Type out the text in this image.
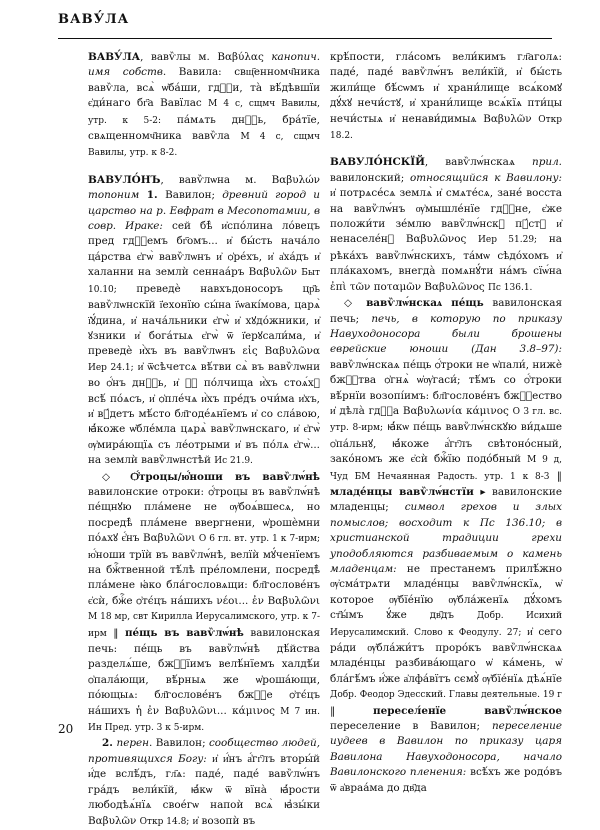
ВАВУ́ЛА

ВАВУ́ЛА, вавѷлы м. Βαβύλας каноnич. имя собств. Вавила: свщ҃енномч҃ника вавѷла, всѧ̀ ѡ҆ба́ши, гдⷭ҇и, та̀ вѣ́дѣвшїи є҆ди́наго бг҃а Вавїлас М 4 с, сщмч Вавилы, утр. к 5-2: па́мѧть днⷭ҇ь, бра́тїе, свѧщенномч҃ника вавѷла М 4 с, сщмч Вавилы, утр. к 8-2.

ВАВУЛО́НЪ, вавѷлѡна м. Βαβυλών топоним 1. Вавилон; древний город и царство на р. Евфрат в Месопотамии, в совр. Ираке: сей бѣ̀ и҆спо́лина ло́вецъ пред гдⷭ҇емъ бг҃омъ... и҆ бы́сть нача́ло ца́рства є҆гѡ̀ вавѷлѡнъ и҆ ѻ҆ре́хъ, и҆ а҆ха́дъ и҆ халанни на землѝ сеннаа́ръ Βαβυλῶν Быт 10.10; преведѐ навхъдоносоръ цр҃ь вавѷлѡнскїй ї҆ехонїю сы́на ї҆ѡакі́мова, царѧ̀ ї҆ꙋ́дина, и҆ нача́льники є҆гѡ̀ и҆ хꙋдо́жники, и҆ ꙋзники и҆ бога́тыѧ є҆гѡ̀ ѿ ї҆ерꙋсали́ма, и҆ преведѐ и҆̀хъ въ вавѷлѡнъ εἰς Βαβυλῶνα Иер 24.1; и҆ ѿсѣчетсѧ вѣ́тви сѧ̀ въ вавѷлѡни во ѻ҆́нъ днⷭ҇ь, и҆ ꙋ҆ по́лчища и҆̀хъ стоѧ́хꙋ всѣ́ по́ѧсъ, и҆ ѻ҆пле́чѧ и҆̀хъ пре́дъ очи́ма и҆хъ, и҆ вꙋ́детъ мѣ́сто бл҃годе́ѧнїемъ и҆ со сла́вою, ꙗ҆́коже ѡ҆бле́мла цѧрѧ̀ вавѷлѡнскаго, и҆ є҆гѡ̀ ѹ҆мира́ющїѧ съ ле́отрыми и҆ въ по́лѧ є҆гѡ̀... на землѝ вавѷлѡнстѣй Ис 21.9.

◇ Ѻ҆́троцы/ю҆́ноши въ вавѷлѡ́нѣ вавилонские отроки: ѻ҆́троцы въ вавѷлѡ́нѣ пе́щнꙋю пла́мене не ѹ҆боѧ́вшесѧ, но посредѣ̀ пла́мене ввергнени, ѡ҆рошѐмни по́ѧхꙋ є҆́нъ Βαβυλῶνι О 6 гл. вт. утр. 1 к 7-ирм; ю҆́ноши трїѝ въ вавѷлѡ́нѣ, велїѝ мꙋ́ченїемъ на бжⷭ҇твенной тѣ́лѣ пре́ломлени, посредѣ̀ пла́мене ꙗ҆ко бла́гословѧщи: бл҃гослове́нъ є҆сѝ, бжⷭ҇е ѻ҆тє́цъ на́шихъ νέοι... ἐν Βαβυλῶνι М 18 мр, свт Кирилла Иерусалимского, утр. к 7-ирм ‖ пе́щь въ вавѷлѡ́нѣ вавилонская печь: пе́щь въ вавѷлѡ́нѣ дѣ́йства разделѧ́ше, бжⷭ҇їимъ велѣ́нїемъ халдѣ́и ѻ҆пала́ющи, вѣ́рныѧ же ѡ҆роша́ющи, по́ющыѧ: бл҃гослове́нъ бжⷭ҇е ѻ҆тє́цъ на́шихъ ἡ ἐν Βαβυλῶνι... κάμινος М 7 ин. Ин Пред. утр. 3 к 5-ирм.

2. перен. Вавилон; сообщество людей, противящихся Богу: и҆ и҆́нъ а҆́гг҃лъ вторы́й и҆́де вслѣ́дъ, гл҃ѧ: паде́, паде́ вавѷлѡ́нъ гра́дъ вели́кїй, ꙗ҆́кѡ ѿ вїна̀ ꙗ҆́рости любодѣѧ́нїѧ свое́гѡ напоѝ всѧ̀ ꙗ҆зы́ки Βαβυλῶν Откр 14.8; и҆ возопѝ въ

крѣ́пости, гла́сомъ вели́кимъ гл҃аголѧ: паде́, паде́ вавѷлѡ́нъ вели́кїй, и҆ бы́сть жили́ще бѣ́сѡмъ и҆ храни́лище всѧ́комꙋ дꙋ́хꙋ нечи́стꙋ, и҆ храни́лище всѧ́кїѧ пти́цы нечи́стыѧ и҆ ненави́димыѧ Βαβυλῶν Откр 18.2.

ВАВУЛО́НСКЇЙ, вавѷлѡ́нскаѧ прил. вавилонский; относящийся к Вавилону: и҆ потрѧсе́сѧ землѧ̀ и҆ смѧте́сѧ, зане́ восста на вавѷлѡ́нъ ѹ҆мышле́нїе гдⷭ҇не, є҆же положи́ти зе́млю вавѷлѡ́нскꙋ пꙋ́стꙋ и҆ ненаселе́нꙋ Βαβυλῶνος Иер 51.29; на рѣка́хъ вавѷлѡ́нскихъ, та́мѡ сѣдо́хомъ и҆ пла́кахомъ, внегда̀ помѧнꙋ́ти на́мъ сїѡ́на ἐπὶ τῶν ποταμῶν Βαβυλῶνος Пс 136.1.

◇ вавѷлѡ́нскаѧ пе́щь вавилонская печь; печь, в которую по приказу Навуходоносора были брошены еврейские юноши (Дан 3.8–97): вавѷлѡ́нскаѧ пе́щь ѻ҆́троки не ѡ҆пали́, нижѐ бжⷭ҇тва ѻ҆гнѧ̀ ѡ҆ѹ҆гаси́; тѣ́мъ со ѻ҆́троки вѣ́рнїи возопі́имъ: бл҃гослове́нъ бжⷭ҇ество и҆ дѣла̀ гдⷭ҇а Βαβυλωνία κάμινος О 3 гл. вс. утр. 8-ирм; ꙗ҆́кѡ пе́щь вавѷлѡ́нскꙋю ви́дѧше ѻ҆па́льнꙋ, ꙗ҆́коже а҆́гг҃лъ свѣтоно́сный, зако́номъ же є҆сѝ бжⷭ҇їю подо́бный М 9 д, Чуд БМ Нечаянная Радость. утр. 1 к 8-3 ‖ младе́нцы вавѷлѡ́нстїи ▸ вавилонские младенцы; символ грехов и злых помыслов; восходит к Пс 136.10; в христианской традиции грехи уподобляются разбиваемым о камень младенцам: не престанемъ прилѣ́жно ѹ҆сма́трѧти младе́нцы вавѷлѡ́нскїѧ, ѡ҆ которое ѹ҆бїе́нїю ѹ҆бла́женїѧ дꙋ́хомъ ст҃ы́мъ ꙋ́же дв҃дъ Добр. Исихий Иерусалимский. Слово к Феодулу. 27; и҆ сего ра́ди ѹ҆бла́жи́тъ проро́къ вавѷлѡ́нскаѧ младе́нцы разбива́ющаго ѡ҆ ка́мень, ѡ҆ бла́гѣ́мъ и҆́же а҆лфа́вїтъ сємꙋ̀ ѹ҆бїе́нїѧ дѣѧ́нїе Добр. Феодор Эдесский. Главы деятельные. 19 г ‖ пересел́енїе вавѷлѡ́нское переселение в Вавилон; переселение иудеев в Вавилон по приказу царя Вавилона Навуходоносора, начало Вавилонского пленения: всѣ́хъ же родо́въ ѿ а҆враа́ма до дв҃да

20
